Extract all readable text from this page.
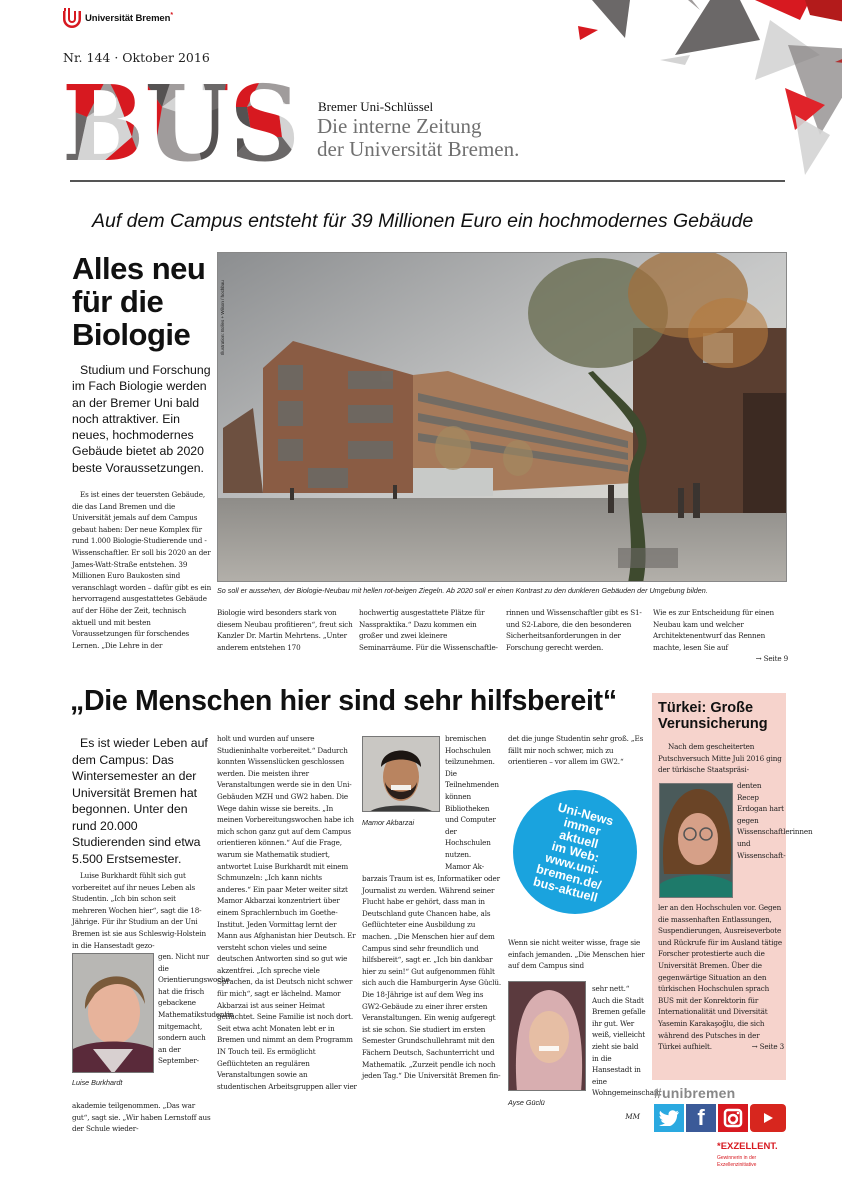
Universität Bremen*
Nr. 144 · Oktober 2016
Bremer Uni-Schlüssel
Die interne Zeitung
der Universität Bremen.
Auf dem Campus entsteht für 39 Millionen Euro ein hochmodernes Gebäude
Alles neu für die Biologie
Studium und Forschung im Fach Biologie werden an der Bremer Uni bald noch attraktiver. Ein neues, hochmodernes Gebäude bietet ab 2020 beste Voraussetzungen.
Es ist eines der teuersten Gebäude, die das Land Bremen und die Universität jemals auf dem Campus gebaut haben: Der neue Komplex für rund 1.000 Biologie-Studierende und -Wissenschaftler. Er soll bis 2020 an der James-Watt-Straße entstehen. 39 Millionen Euro Baukosten sind veranschlagt worden – dafür gibt es ein hervorragend ausgestattetes Gebäude auf der Höhe der Zeit, technisch aktuell und mit besten Voraussetzungen für forschendes Lernen. „Die Lehre in der
Illustration: Bolles + Wilson / hochbau
So soll er aussehen, der Biologie-Neubau mit hellen rot-beigen Ziegeln. Ab 2020 soll er einen Kontrast zu den dunkleren Gebäuden der Umgebung bilden.
Biologie wird besonders stark von diesem Neubau profitieren“, freut sich Kanzler Dr. Martin Mehrtens. „Unter anderem entstehen 170
hochwertig ausgestattete Plätze für Nasspraktika.“ Dazu kommen ein großer und zwei kleinere Seminarräume. Für die Wissenschaftle-
rinnen und Wissenschaftler gibt es S1- und S2-Labore, die den besonderen Sicherheitsanforderungen in der Forschung gerecht werden.
Wie es zur Entscheidung für einen Neubau kam und welcher Architektenentwurf das Rennen machte, lesen Sie auf
→ Seite 9
„Die Menschen hier sind sehr hilfsbereit“
Es ist wieder Leben auf dem Campus: Das Wintersemester an der Universität Bremen hat begonnen. Unter den rund 20.000 Studierenden sind etwa 5.500 Erstsemester.
Luise Burkhardt fühlt sich gut vorbereitet auf ihr neues Leben als Studentin. „Ich bin schon seit mehreren Wochen hier“, sagt die 18-Jährige. Für ihr Studium an der Uni Bremen ist sie aus Schleswig-Holstein in die Hansestadt gezo-
Luise Burkhardt
gen. Nicht nur die Orientierungswoche hat die frisch gebackene Mathematikstudentin mitgemacht, sondern auch an der September-
akademie teilgenommen. „Das war gut“, sagt sie. „Wir haben Lernstoff aus der Schule wieder-
holt und wurden auf unsere Studieninhalte vorbereitet.“ Dadurch konnten Wissenslücken geschlossen werden. Die meisten ihrer Veranstaltungen werde sie in den Uni-Gebäuden MZH und GW2 haben. Die Wege dahin wisse sie bereits. „In meinen Vorbereitungswochen habe ich mich schon ganz gut auf dem Campus orientieren können.“ Auf die Frage, warum sie Mathematik studiert, antwortet Luise Burkhardt mit einem Schmunzeln: „Ich kann nichts anderes.“ Ein paar Meter weiter sitzt Mamor Akbarzai konzentriert über einem Sprachlernbuch im Goethe-Institut. Jeden Vormittag lernt der Mann aus Afghanistan hier Deutsch. Er versteht schon vieles und seine deutschen Antworten sind so gut wie akzentfrei. „Ich spreche viele Sprachen, da ist Deutsch nicht schwer für mich“, sagt er lächelnd. Mamor Akbarzai ist aus seiner Heimat geflüchtet. Seine Familie ist noch dort. Seit etwa acht Monaten lebt er in Bremen und nimmt an dem Programm IN Touch teil. Es ermöglicht Geflüchteten an regulären Veranstaltungen sowie an studentischen Arbeitsgruppen aller vier
Mamor Akbarzai
bremischen Hochschulen teilzunehmen. Die Teilnehmenden können Bibliotheken und Computer der Hochschulen nutzen. Mamor Ak-
barzais Traum ist es, Informatiker oder Journalist zu werden. Während seiner Flucht habe er gehört, dass man in Deutschland gute Chancen habe, als Geflüchteter eine Ausbildung zu machen. „Die Menschen hier auf dem Campus sind sehr freundlich und hilfsbereit“, sagt er. „Ich bin dankbar hier zu sein!“ Gut aufgenommen fühlt sich auch die Hamburgerin Ayse Güclü. Die 18-Jährige ist auf dem Weg ins GW2-Gebäude zu einer ihrer ersten Veranstaltungen. Ein wenig aufgeregt ist sie schon. Sie studiert im ersten Semester Grundschullehramt mit den Fächern Deutsch, Sachunterricht und Mathematik. „Zurzeit pendle ich noch jeden Tag.“ Die Universität Bremen fin-
det die junge Studentin sehr groß. „Es fällt mir noch schwer, mich zu orientieren – vor allem im GW2.“
Uni-News
immer
aktuell
im Web:
www.uni-
bremen.de/
bus-aktuell
Wenn sie nicht weiter wisse, frage sie einfach jemanden. „Die Menschen hier auf dem Campus sind
Ayse Güclü
sehr nett.“ Auch die Stadt Bremen gefalle ihr gut. Wer weiß, vielleicht zieht sie bald in die Hansestadt in eine Wohngemeinschaft.
MM
Türkei: Große Verunsicherung
Nach dem gescheiterten Putschversuch Mitte Juli 2016 ging der türkische Staatspräsi-
denten Recep Erdogan hart gegen Wissenschaftlerinnen und Wissenschaft-
ler an den Hochschulen vor. Gegen die massenhaften Entlassungen, Suspendierungen, Ausreiseverbote und Rückrufe für im Ausland tätige Forscher protestierte auch die Universität Bremen. Über die gegenwärtige Situation an den türkischen Hochschulen sprach BUS mit der Konrektorin für Internationalität und Diversität Yasemin Karakaşoğlu, die sich während des Putsches in der Türkei aufhielt.	→ Seite 3
#unibremen
f
*EXZELLENT.
Gewinnerin in der Exzellenzinitiative
